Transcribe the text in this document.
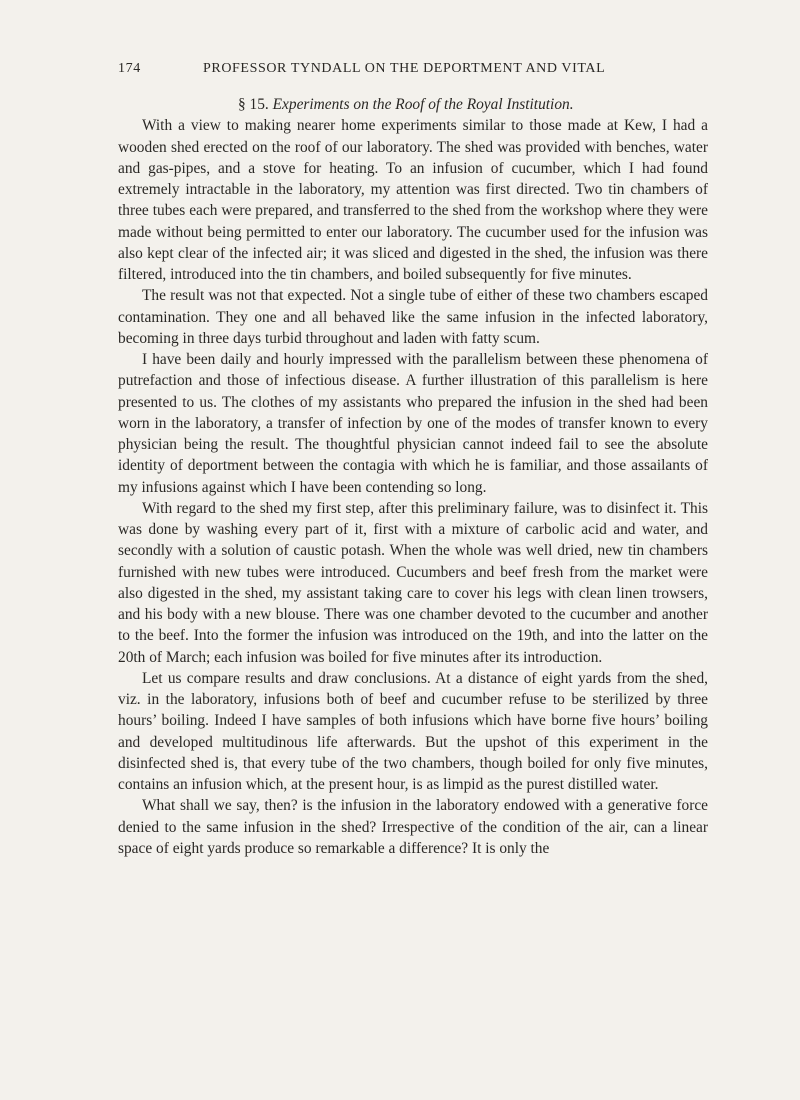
174	PROFESSOR TYNDALL ON THE DEPORTMENT AND VITAL

§ 15. Experiments on the Roof of the Royal Institution.

With a view to making nearer home experiments similar to those made at Kew, I had a wooden shed erected on the roof of our laboratory. The shed was provided with benches, water and gas-pipes, and a stove for heating. To an infusion of cucumber, which I had found extremely intractable in the laboratory, my attention was first directed. Two tin chambers of three tubes each were prepared, and transferred to the shed from the workshop where they were made without being permitted to enter our laboratory. The cucumber used for the infusion was also kept clear of the infected air; it was sliced and digested in the shed, the infusion was there filtered, introduced into the tin chambers, and boiled subsequently for five minutes.

The result was not that expected. Not a single tube of either of these two chambers escaped contamination. They one and all behaved like the same infusion in the infected laboratory, becoming in three days turbid throughout and laden with fatty scum.

I have been daily and hourly impressed with the parallelism between these phenomena of putrefaction and those of infectious disease. A further illustration of this parallelism is here presented to us. The clothes of my assistants who prepared the infusion in the shed had been worn in the laboratory, a transfer of infection by one of the modes of transfer known to every physician being the result. The thoughtful physician cannot indeed fail to see the absolute identity of deportment between the contagia with which he is familiar, and those assailants of my infusions against which I have been contending so long.

With regard to the shed my first step, after this preliminary failure, was to disinfect it. This was done by washing every part of it, first with a mixture of carbolic acid and water, and secondly with a solution of caustic potash. When the whole was well dried, new tin chambers furnished with new tubes were introduced. Cucumbers and beef fresh from the market were also digested in the shed, my assistant taking care to cover his legs with clean linen trowsers, and his body with a new blouse. There was one chamber devoted to the cucumber and another to the beef. Into the former the infusion was introduced on the 19th, and into the latter on the 20th of March; each infusion was boiled for five minutes after its introduction.

Let us compare results and draw conclusions. At a distance of eight yards from the shed, viz. in the laboratory, infusions both of beef and cucumber refuse to be sterilized by three hours’ boiling. Indeed I have samples of both infusions which have borne five hours’ boiling and developed multitudinous life afterwards. But the upshot of this experiment in the disinfected shed is, that every tube of the two chambers, though boiled for only five minutes, contains an infusion which, at the present hour, is as limpid as the purest distilled water.

What shall we say, then? is the infusion in the laboratory endowed with a generative force denied to the same infusion in the shed? Irrespective of the condition of the air, can a linear space of eight yards produce so remarkable a difference? It is only the
